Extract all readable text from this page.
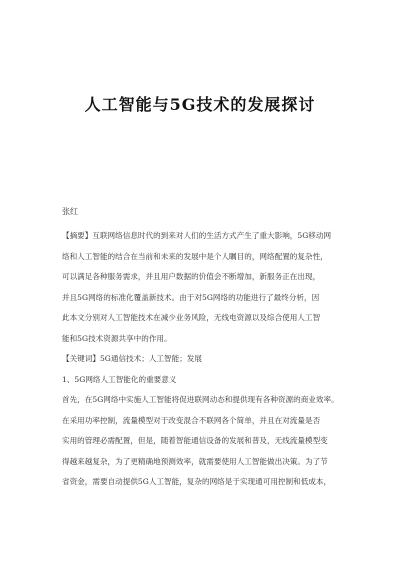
人工智能与5G技术的发展探讨
张红

【摘要】互联网络信息时代的到来对人们的生活方式产生了重大影响，5G移动网

络和人工智能的结合在当前和未来的发展中是个人瞩目的，网络配置的复杂性，

可以满足各种服务需求，并且用户数据的价值会不断增加，新服务正在出现，

并且5G网络的标准化覆盖新技术。由于对5G网络的功能进行了最终分析，因

此本文分别对人工智能技术在减少业务风险，无线电资源以及综合使用人工智

能和5G技术资源共享中的作用。

【关键词】5G通信技术；人工智能；发展

1、5G网络人工智能化的重要意义

首先，在5G网络中实施人工智能将促进联网动态和提供现有各种资源的商业效率。

在采用功率控制，流量模型对于改变混合不联网各个简单，并且在对流量是否

实用的管理必需配置，但是，随着智能通信设备的发展和普及，无线流量模型变

得越来越复杂，为了更精确地预测效率，就需要使用人工智能做出决策。为了节

省资金，需要自动提供5G人工智能，复杂的网络是于实现通可用控制和低成本，
